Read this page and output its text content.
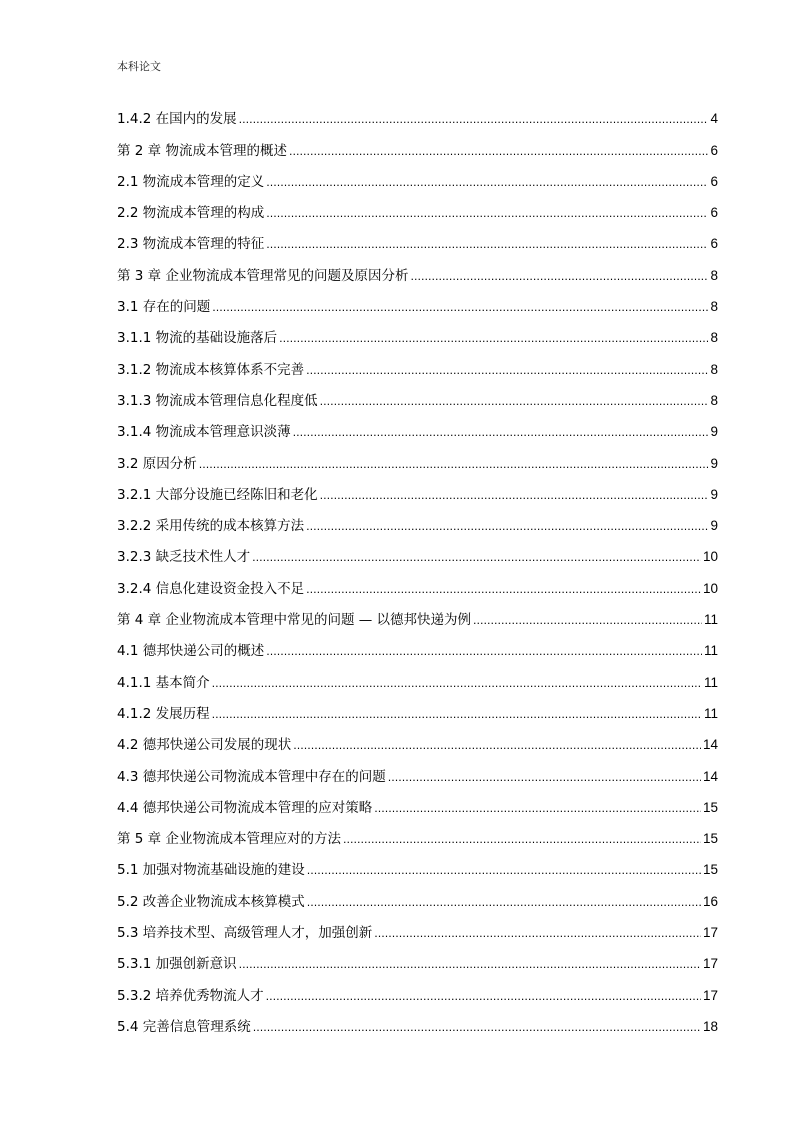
本科论文
1.4.2 在国内的发展 .....	4
第 2 章 物流成本管理的概述 .....	6
2.1 物流成本管理的定义 .....	6
2.2 物流成本管理的构成 .....	6
2.3 物流成本管理的特征 .....	6
第 3 章 企业物流成本管理常见的问题及原因分析 .....	8
3.1 存在的问题 .....	8
3.1.1 物流的基础设施落后 .....	8
3.1.2 物流成本核算体系不完善 .....	8
3.1.3 物流成本管理信息化程度低 .....	8
3.1.4 物流成本管理意识淡薄 .....	9
3.2 原因分析 .....	9
3.2.1 大部分设施已经陈旧和老化 .....	9
3.2.2 采用传统的成本核算方法 .....	9
3.2.3 缺乏技术性人才 .....	10
3.2.4 信息化建设资金投入不足 .....	10
第 4 章 企业物流成本管理中常见的问题 — 以德邦快递为例 .....	11
4.1 德邦快递公司的概述 .....	11
4.1.1 基本简介 .....	11
4.1.2 发展历程 .....	11
4.2 德邦快递公司发展的现状 .....	14
4.3 德邦快递公司物流成本管理中存在的问题 .....	14
4.4 德邦快递公司物流成本管理的应对策略 .....	15
第 5 章 企业物流成本管理应对的方法 .....	15
5.1 加强对物流基础设施的建设 .....	15
5.2 改善企业物流成本核算模式 .....	16
5.3 培养技术型、高级管理人才，加强创新 .....	17
5.3.1 加强创新意识 .....	17
5.3.2 培养优秀物流人才 .....	17
5.4 完善信息管理系统 .....	18
